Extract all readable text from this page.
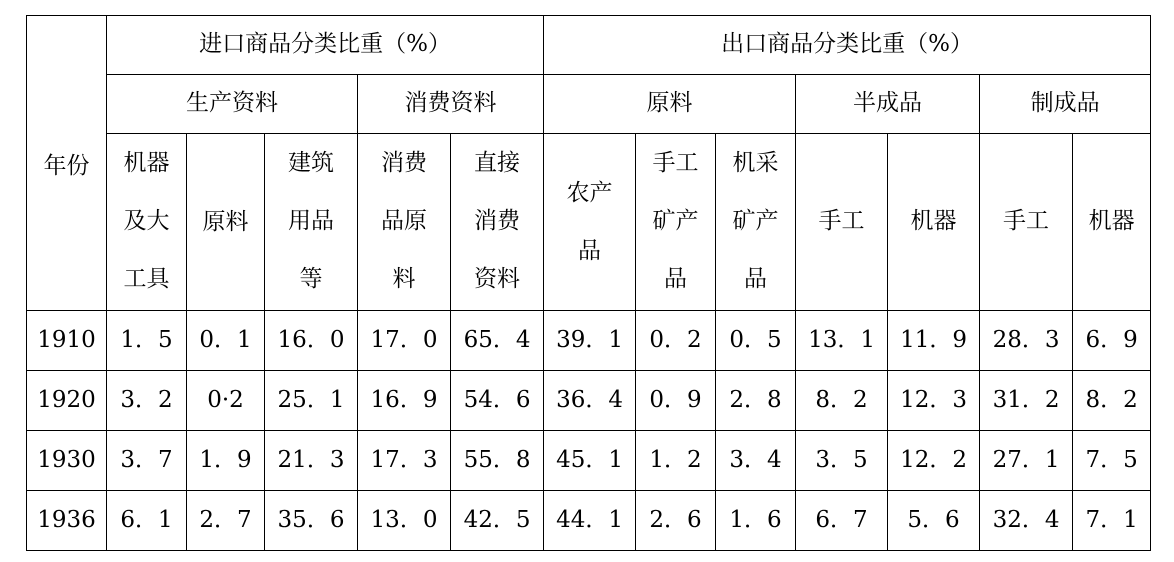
年份	进口商品分类比重（%）					出口商品分类比重（%）						
	生产资料			消费资料		原料			半成品		制成品	
	机器及大工具	原料	建筑用品等	消费品原料	直接消费资料	农产品	手工矿产品	机采矿产品	手工	机器	手工	机器
1910	1．5	0．1	16．0	17．0	65．4	39．1	0．2	0．5	13．1	11．9	28．3	6．9
1920	3．2	0·2	25．1	16．9	54．6	36．4	0．9	2．8	8．2	12．3	31．2	8．2
1930	3．7	1．9	21．3	17．3	55．8	45．1	1．2	3．4	3．5	12．2	27．1	7．5
1936	6．1	2．7	35．6	13．0	42．5	44．1	2．6	1．6	6．7	5．6	32．4	7．1
